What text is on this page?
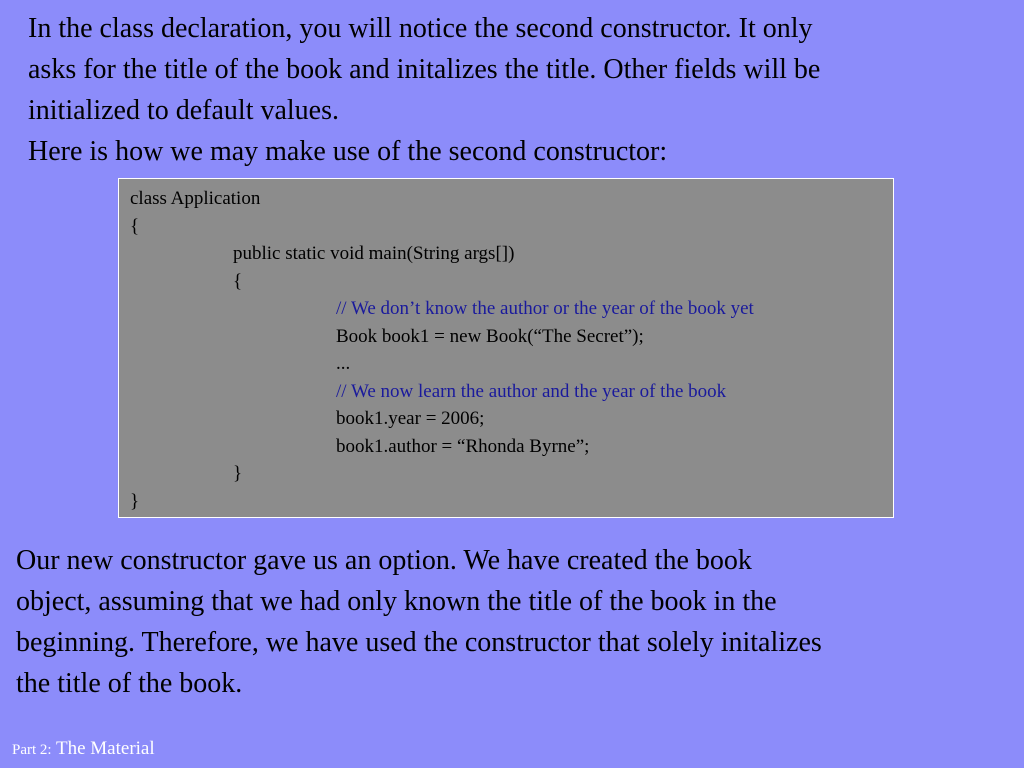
In the class declaration, you will notice the second constructor. It only

asks for the title of the book and initalizes the title. Other fields will be

initialized to default values.

Here is how we may make use of the second constructor:

class Application
{
public static void main(String args[])
{
// We don’t know the author or the year of the book yet
Book book1 = new Book(“The Secret”);
...
// We now learn the author and the year of the book
book1.year = 2006;
book1.author = “Rhonda Byrne”;
}
}

Our new constructor gave us an option. We have created the book

object, assuming that we had only known the title of the book in the

beginning. Therefore, we have used the constructor that solely initalizes

the title of the book.

Part 2: The Material
